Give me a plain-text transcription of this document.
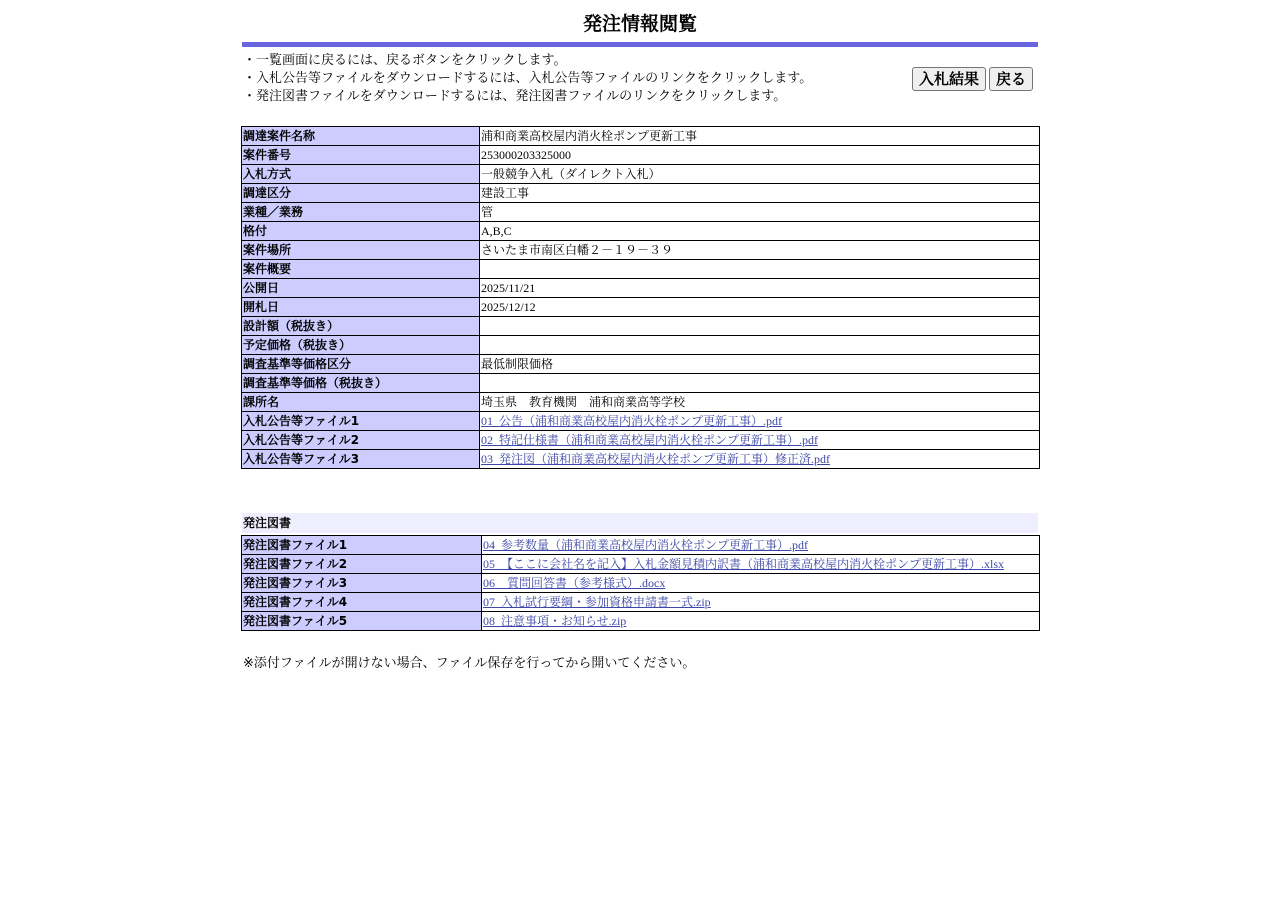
発注情報閲覧
・一覧画面に戻るには、戻るボタンをクリックします。
・入札公告等ファイルをダウンロードするには、入札公告等ファイルのリンクをクリックします。
・発注図書ファイルをダウンロードするには、発注図書ファイルのリンクをクリックします。
入札結果	戻る
調達案件名称	浦和商業高校屋内消火栓ポンプ更新工事
案件番号	253000203325000
入札方式	一般競争入札（ダイレクト入札）
調達区分	建設工事
業種／業務	管
格付	A,B,C
案件場所	さいたま市南区白幡２－１９－３９
案件概要	
公開日	2025/11/21
開札日	2025/12/12
設計額（税抜き）	
予定価格（税抜き）	
調査基準等価格区分	最低制限価格
調査基準等価格（税抜き）	
課所名	埼玉県　教育機関　浦和商業高等学校
入札公告等ファイル1	01_公告（浦和商業高校屋内消火栓ポンプ更新工事）.pdf
入札公告等ファイル2	02_特記仕様書（浦和商業高校屋内消火栓ポンプ更新工事）.pdf
入札公告等ファイル3	03_発注図（浦和商業高校屋内消火栓ポンプ更新工事）修正済.pdf
発注図書
発注図書ファイル1	04_参考数量（浦和商業高校屋内消火栓ポンプ更新工事）.pdf
発注図書ファイル2	05_【ここに会社名を記入】入札金額見積内訳書（浦和商業高校屋内消火栓ポンプ更新工事）.xlsx
発注図書ファイル3	06　質問回答書（参考様式）.docx
発注図書ファイル4	07_入札試行要綱・参加資格申請書一式.zip
発注図書ファイル5	08_注意事項・お知らせ.zip
※添付ファイルが開けない場合、ファイル保存を行ってから開いてください。
